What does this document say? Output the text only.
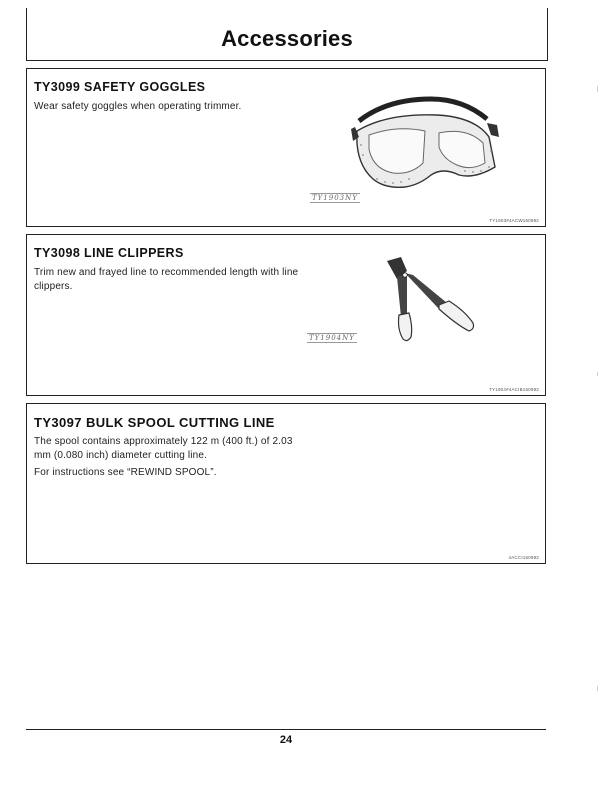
Accessories
TY3099 SAFETY GOGGLES

Wear safety goggles when operating trimmer.

TY1903NY
TY1903#4ACW160982
TY3098 LINE CLIPPERS

Trim new and frayed line to recommended length with line clippers.

TY1904NY
TY1904#4ACIB160982
TY3097 BULK SPOOL CUTTING LINE

The spool contains approximately 122 m (400 ft.) of 2.03 mm (0.080 inch) diameter cutting line.

For instructions see “REWIND SPOOL”.

4ACCI160982
24
